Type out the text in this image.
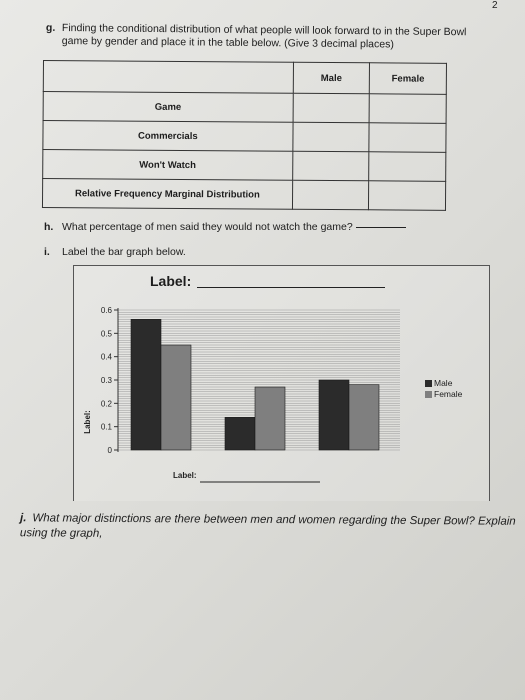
2
g. Finding the conditional distribution of what people will look forward to in the Super Bowl game by gender and place it in the table below. (Give 3 decimal places)
	Male	Female
Game		
Commercials		
Won't Watch		
Relative Frequency Marginal Distribution		
h. What percentage of men said they would not watch the game?
i. Label the bar graph below.
Label:
0
0.1
0.2
0.3
0.4
0.5
0.6
Label:
Label:
Male
Female
j. What major distinctions are there between men and women regarding the Super Bowl? Explain using the graph,
